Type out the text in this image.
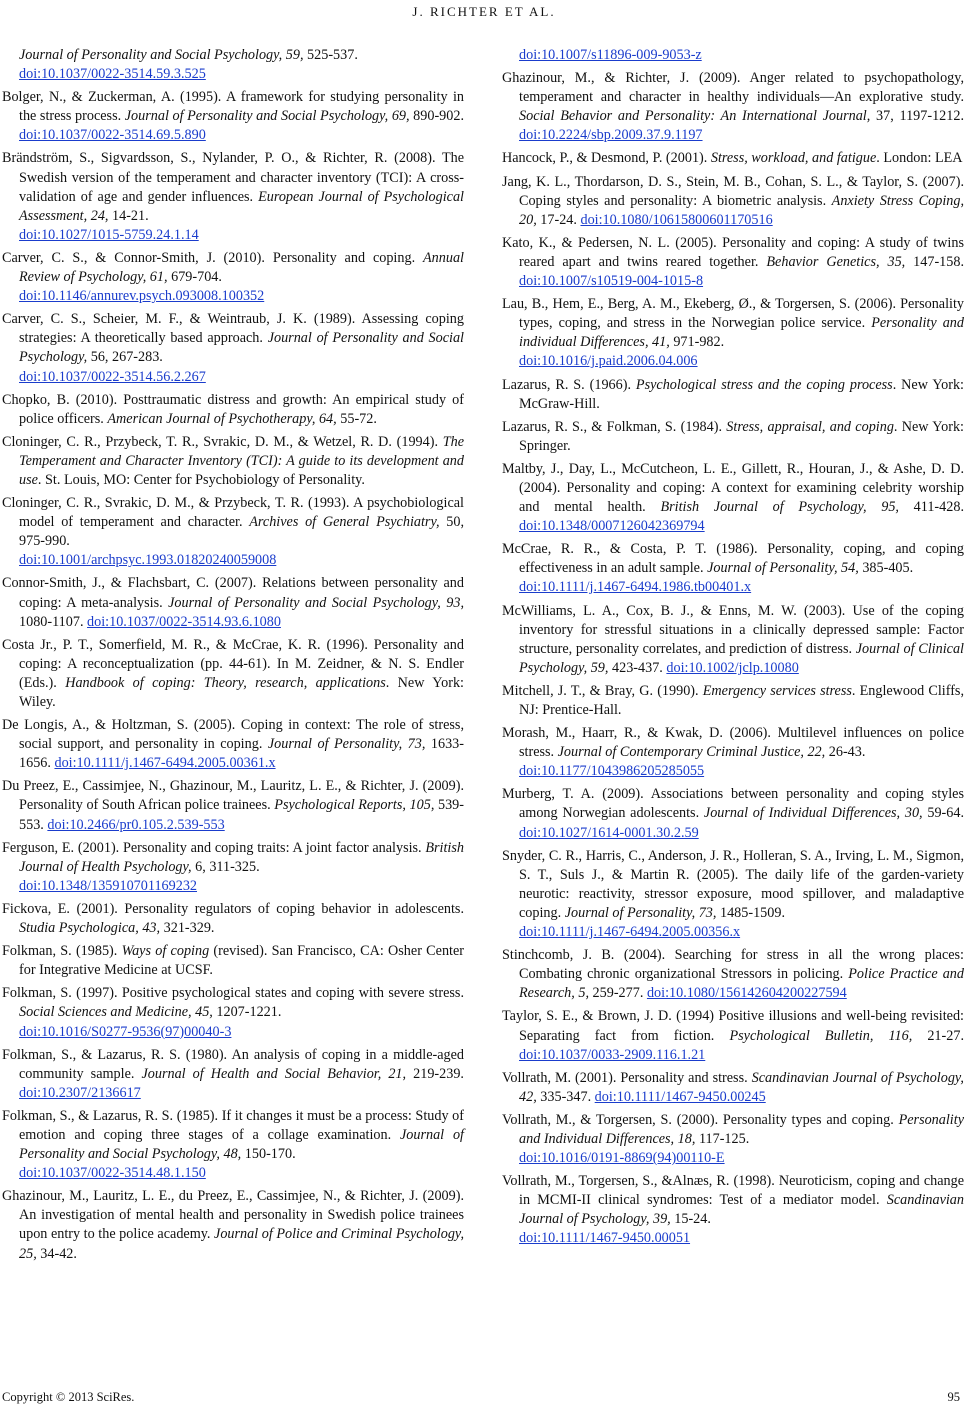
J. RICHTER ET AL.

Journal of Personality and Social Psychology, 59, 525-537.
doi:10.1037/0022-3514.59.3.525

Bolger, N., & Zuckerman, A. (1995). A framework for studying personality in the stress process. Journal of Personality and Social Psychology, 69, 890-902. doi:10.1037/0022-3514.69.5.890

Brändström, S., Sigvardsson, S., Nylander, P. O., & Richter, R. (2008). The Swedish version of the temperament and character inventory (TCI): A cross-validation of age and gender influences. European Journal of Psychological Assessment, 24, 14-21.
doi:10.1027/1015-5759.24.1.14

Carver, C. S., & Connor-Smith, J. (2010). Personality and coping. Annual Review of Psychology, 61, 679-704.
doi:10.1146/annurev.psych.093008.100352

Carver, C. S., Scheier, M. F., & Weintraub, J. K. (1989). Assessing coping strategies: A theoretically based approach. Journal of Personality and Social Psychology, 56, 267-283.
doi:10.1037/0022-3514.56.2.267

Chopko, B. (2010). Posttraumatic distress and growth: An empirical study of police officers. American Journal of Psychotherapy, 64, 55-72.

Cloninger, C. R., Przybeck, T. R., Svrakic, D. M., & Wetzel, R. D. (1994). The Temperament and Character Inventory (TCI): A guide to its development and use. St. Louis, MO: Center for Psychobiology of Personality.

Cloninger, C. R., Svrakic, D. M., & Przybeck, T. R. (1993). A psychobiological model of temperament and character. Archives of General Psychiatry, 50, 975-990.
doi:10.1001/archpsyc.1993.01820240059008

Connor-Smith, J., & Flachsbart, C. (2007). Relations between personality and coping: A meta-analysis. Journal of Personality and Social Psychology, 93, 1080-1107. doi:10.1037/0022-3514.93.6.1080

Costa Jr., P. T., Somerfield, M. R., & McCrae, K. R. (1996). Personality and coping: A reconceptualization (pp. 44-61). In M. Zeidner, & N. S. Endler (Eds.). Handbook of coping: Theory, research, applications. New York: Wiley.

De Longis, A., & Holtzman, S. (2005). Coping in context: The role of stress, social support, and personality in coping. Journal of Personality, 73, 1633-1656. doi:10.1111/j.1467-6494.2005.00361.x

Du Preez, E., Cassimjee, N., Ghazinour, M., Lauritz, L. E., & Richter, J. (2009). Personality of South African police trainees. Psychological Reports, 105, 539-553. doi:10.2466/pr0.105.2.539-553

Ferguson, E. (2001). Personality and coping traits: A joint factor analysis. British Journal of Health Psychology, 6, 311-325.
doi:10.1348/135910701169232

Fickova, E. (2001). Personality regulators of coping behavior in adolescents. Studia Psychologica, 43, 321-329.

Folkman, S. (1985). Ways of coping (revised). San Francisco, CA: Osher Center for Integrative Medicine at UCSF.

Folkman, S. (1997). Positive psychological states and coping with severe stress. Social Sciences and Medicine, 45, 1207-1221.
doi:10.1016/S0277-9536(97)00040-3

Folkman, S., & Lazarus, R. S. (1980). An analysis of coping in a middle-aged community sample. Journal of Health and Social Behavior, 21, 219-239. doi:10.2307/2136617

Folkman, S., & Lazarus, R. S. (1985). If it changes it must be a process: Study of emotion and coping three stages of a collage examination. Journal of Personality and Social Psychology, 48, 150-170.
doi:10.1037/0022-3514.48.1.150

Ghazinour, M., Lauritz, L. E., du Preez, E., Cassimjee, N., & Richter, J. (2009). An investigation of mental health and personality in Swedish police trainees upon entry to the police academy. Journal of Police and Criminal Psychology, 25, 34-42.

doi:10.1007/s11896-009-9053-z

Ghazinour, M., & Richter, J. (2009). Anger related to psychopathology, temperament and character in healthy individuals—An explorative study. Social Behavior and Personality: An International Journal, 37, 1197-1212. doi:10.2224/sbp.2009.37.9.1197

Hancock, P., & Desmond, P. (2001). Stress, workload, and fatigue. London: LEA

Jang, K. L., Thordarson, D. S., Stein, M. B., Cohan, S. L., & Taylor, S. (2007). Coping styles and personality: A biometric analysis. Anxiety Stress Coping, 20, 17-24. doi:10.1080/10615800601170516

Kato, K., & Pedersen, N. L. (2005). Personality and coping: A study of twins reared apart and twins reared together. Behavior Genetics, 35, 147-158. doi:10.1007/s10519-004-1015-8

Lau, B., Hem, E., Berg, A. M., Ekeberg, Ø., & Torgersen, S. (2006). Personality types, coping, and stress in the Norwegian police service. Personality and individual Differences, 41, 971-982.
doi:10.1016/j.paid.2006.04.006

Lazarus, R. S. (1966). Psychological stress and the coping process. New York: McGraw-Hill.

Lazarus, R. S., & Folkman, S. (1984). Stress, appraisal, and coping. New York: Springer.

Maltby, J., Day, L., McCutcheon, L. E., Gillett, R., Houran, J., & Ashe, D. D. (2004). Personality and coping: A context for examining celebrity worship and mental health. British Journal of Psychology, 95, 411-428. doi:10.1348/0007126042369794

McCrae, R. R., & Costa, P. T. (1986). Personality, coping, and coping effectiveness in an adult sample. Journal of Personality, 54, 385-405.
doi:10.1111/j.1467-6494.1986.tb00401.x

McWilliams, L. A., Cox, B. J., & Enns, M. W. (2003). Use of the coping inventory for stressful situations in a clinically depressed sample: Factor structure, personality correlates, and prediction of distress. Journal of Clinical Psychology, 59, 423-437. doi:10.1002/jclp.10080

Mitchell, J. T., & Bray, G. (1990). Emergency services stress. Englewood Cliffs, NJ: Prentice-Hall.

Morash, M., Haarr, R., & Kwak, D. (2006). Multilevel influences on police stress. Journal of Contemporary Criminal Justice, 22, 26-43.
doi:10.1177/1043986205285055

Murberg, T. A. (2009). Associations between personality and coping styles among Norwegian adolescents. Journal of Individual Differences, 30, 59-64. doi:10.1027/1614-0001.30.2.59

Snyder, C. R., Harris, C., Anderson, J. R., Holleran, S. A., Irving, L. M., Sigmon, S. T., Suls J., & Martin R. (2005). The daily life of the garden-variety neurotic: reactivity, stressor exposure, mood spillover, and maladaptive coping. Journal of Personality, 73, 1485-1509.
doi:10.1111/j.1467-6494.2005.00356.x

Stinchcomb, J. B. (2004). Searching for stress in all the wrong places: Combating chronic organizational Stressors in policing. Police Practice and Research, 5, 259-277. doi:10.1080/156142604200227594

Taylor, S. E., & Brown, J. D. (1994) Positive illusions and well-being revisited: Separating fact from fiction. Psychological Bulletin, 116, 21-27. doi:10.1037/0033-2909.116.1.21

Vollrath, M. (2001). Personality and stress. Scandinavian Journal of Psychology, 42, 335-347. doi:10.1111/1467-9450.00245

Vollrath, M., & Torgersen, S. (2000). Personality types and coping. Personality and Individual Differences, 18, 117-125.
doi:10.1016/0191-8869(94)00110-E

Vollrath, M., Torgersen, S., &Alnæs, R. (1998). Neuroticism, coping and change in MCMI-II clinical syndromes: Test of a mediator model. Scandinavian Journal of Psychology, 39, 15-24.
doi:10.1111/1467-9450.00051

Copyright © 2013 SciRes.	95
